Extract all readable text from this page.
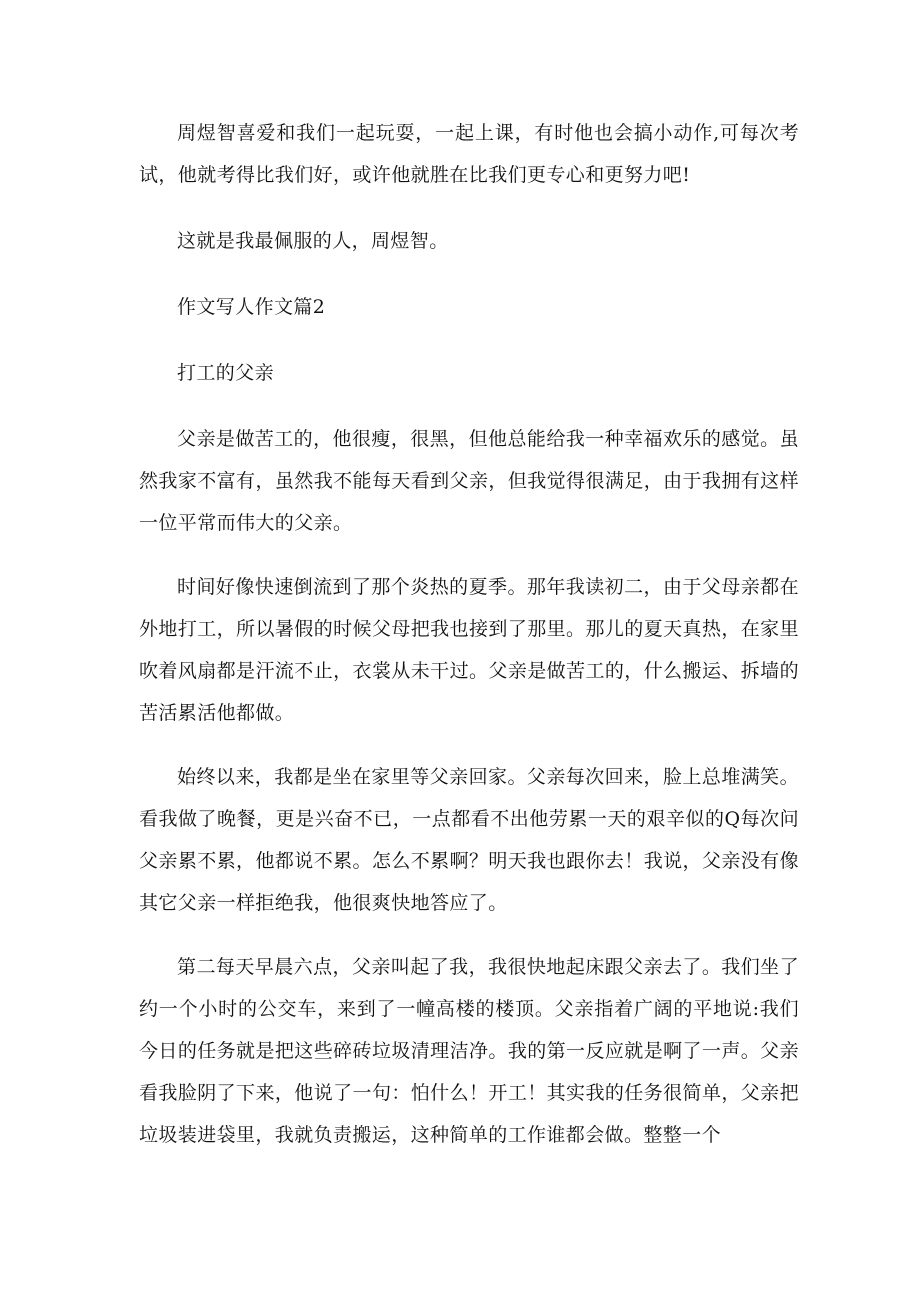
周煜智喜爱和我们一起玩耍，一起上课，有时他也会搞小动作,可每次考试，他就考得比我们好，或许他就胜在比我们更专心和更努力吧!

这就是我最佩服的人，周煜智。

作文写人作文篇2

打工的父亲

父亲是做苦工的，他很瘦，很黑，但他总能给我一种幸福欢乐的感觉。虽然我家不富有，虽然我不能每天看到父亲，但我觉得很满足，由于我拥有这样一位平常而伟大的父亲。

时间好像快速倒流到了那个炎热的夏季。那年我读初二，由于父母亲都在外地打工，所以暑假的时候父母把我也接到了那里。那儿的夏天真热，在家里吹着风扇都是汗流不止，衣裳从未干过。父亲是做苦工的，什么搬运、拆墙的苦活累活他都做。

始终以来，我都是坐在家里等父亲回家。父亲每次回来，脸上总堆满笑。看我做了晚餐，更是兴奋不已，一点都看不出他劳累一天的艰辛似的Q每次问父亲累不累，他都说不累。怎么不累啊？明天我也跟你去！我说，父亲没有像其它父亲一样拒绝我，他很爽快地答应了。

第二每天早晨六点，父亲叫起了我，我很快地起床跟父亲去了。我们坐了约一个小时的公交车，来到了一幢高楼的楼顶。父亲指着广阔的平地说:我们今日的任务就是把这些碎砖垃圾清理洁净。我的第一反应就是啊了一声。父亲看我脸阴了下来，他说了一句：怕什么！开工！其实我的任务很简单，父亲把垃圾装进袋里，我就负责搬运，这种简单的工作谁都会做。整整一个
